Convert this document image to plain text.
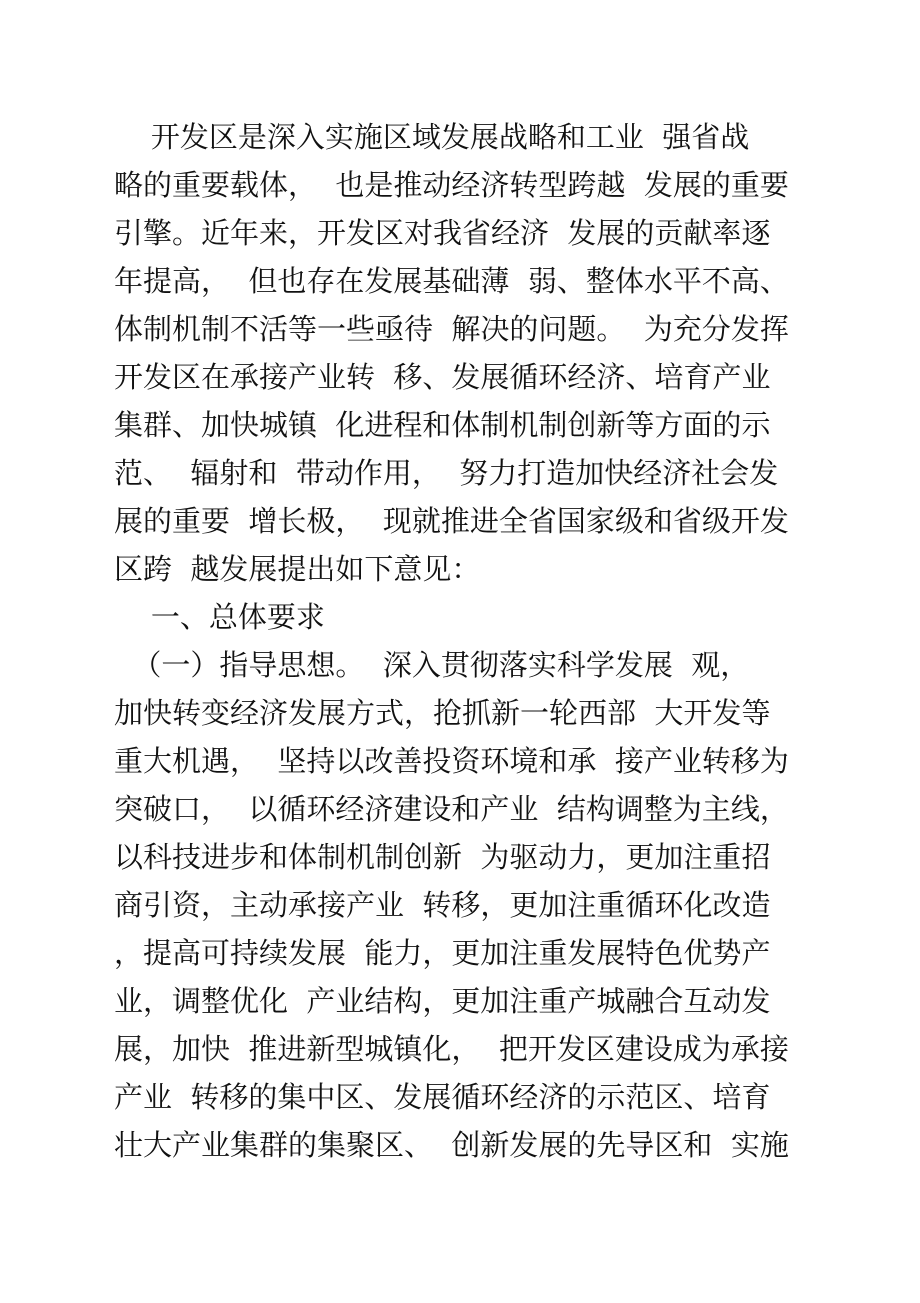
开发区是深入实施区域发展战略和工业  强省战
略的重要载体，  也是推动经济转型跨越  发展的重要
引擎。近年来，开发区对我省经济  发展的贡献率逐
年提高，  但也存在发展基础薄  弱、整体水平不高、
体制机制不活等一些亟待  解决的问题。  为充分发挥
开发区在承接产业转  移、发展循环经济、培育产业
集群、加快城镇  化进程和体制机制创新等方面的示
范、  辐射和  带动作用，  努力打造加快经济社会发
展的重要  增长极，  现就推进全省国家级和省级开发
区跨  越发展提出如下意见：
一、总体要求
（一）指导思想。  深入贯彻落实科学发展  观，
加快转变经济发展方式，抢抓新一轮西部  大开发等
重大机遇，  坚持以改善投资环境和承  接产业转移为
突破口，  以循环经济建设和产业  结构调整为主线，
以科技进步和体制机制创新  为驱动力，更加注重招
商引资，主动承接产业  转移，更加注重循环化改造
，提高可持续发展  能力，更加注重发展特色优势产
业，调整优化  产业结构，更加注重产城融合互动发
展，加快  推进新型城镇化，  把开发区建设成为承接
产业  转移的集中区、发展循环经济的示范区、培育
壮大产业集群的集聚区、  创新发展的先导区和  实施
